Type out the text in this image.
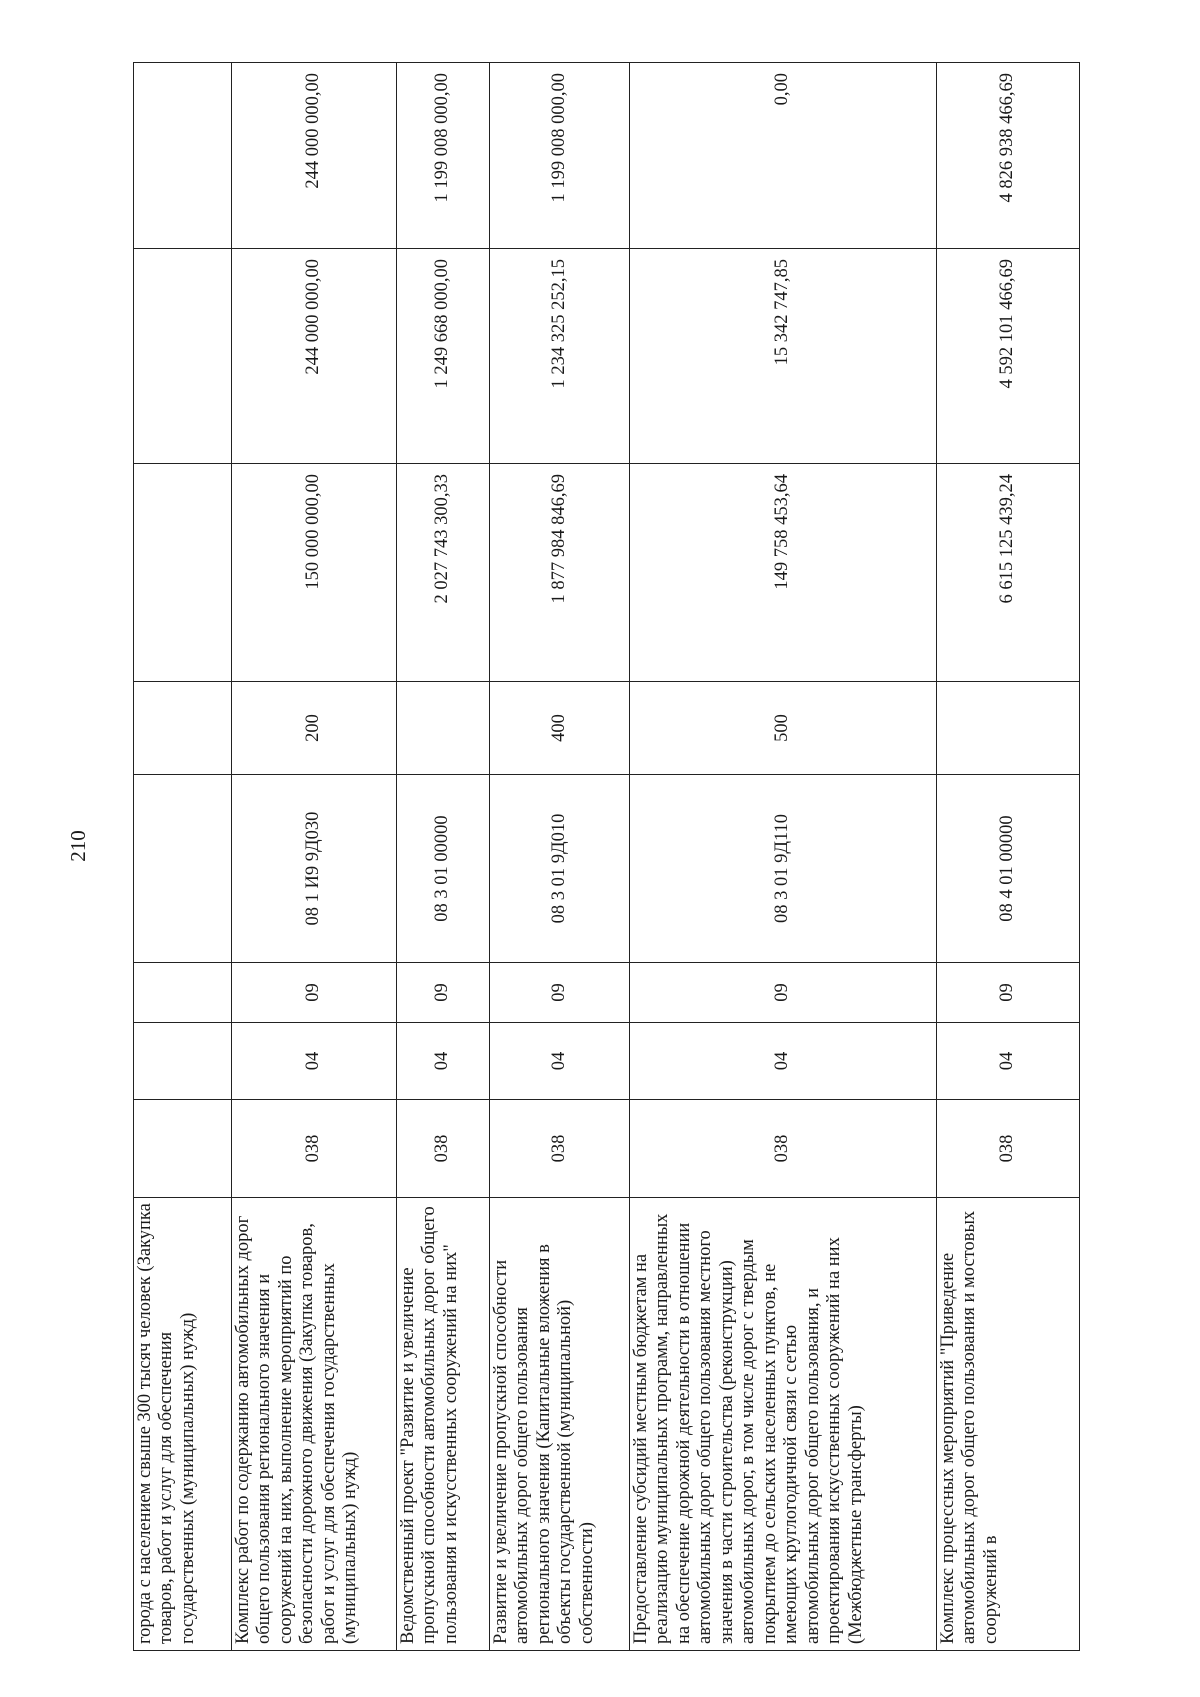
210
города с населением свыше 300 тысяч человек (Закупка товаров, работ и услуг для обеспечения государственных (муниципальных) нужд)								
Комплекс работ по содержанию автомобильных дорог общего пользования регионального значения и сооружений на них, выполнение мероприятий по безопасности дорожного движения (Закупка товаров, работ и услуг для обеспечения государственных (муниципальных) нужд)	038	04	09	08 1 И9 9Д030	200	150 000 000,00	244 000 000,00	244 000 000,00
Ведомственный проект "Развитие и увеличение пропускной способности автомобильных дорог общего пользования и искусственных сооружений на них"	038	04	09	08 3 01 00000		2 027 743 300,33	1 249 668 000,00	1 199 008 000,00
Развитие и увеличение пропускной способности автомобильных дорог общего пользования регионального значения (Капитальные вложения в объекты государственной (муниципальной) собственности)	038	04	09	08 3 01 9Д010	400	1 877 984 846,69	1 234 325 252,15	1 199 008 000,00
Предоставление субсидий местным бюджетам на реализацию муниципальных программ, направленных на обеспечение дорожной деятельности в отношении автомобильных дорог общего пользования местного значения в части строительства (реконструкции) автомобильных дорог, в том числе дорог с твердым покрытием до сельских населенных пунктов, не имеющих круглогодичной связи с сетью автомобильных дорог общего пользования, и проектирования искусственных сооружений на них (Межбюджетные трансферты)	038	04	09	08 3 01 9Д110	500	149 758 453,64	15 342 747,85	0,00
Комплекс процессных мероприятий "Приведение автомобильных дорог общего пользования и мостовых сооружений в	038	04	09	08 4 01 00000		6 615 125 439,24	4 592 101 466,69	4 826 938 466,69
